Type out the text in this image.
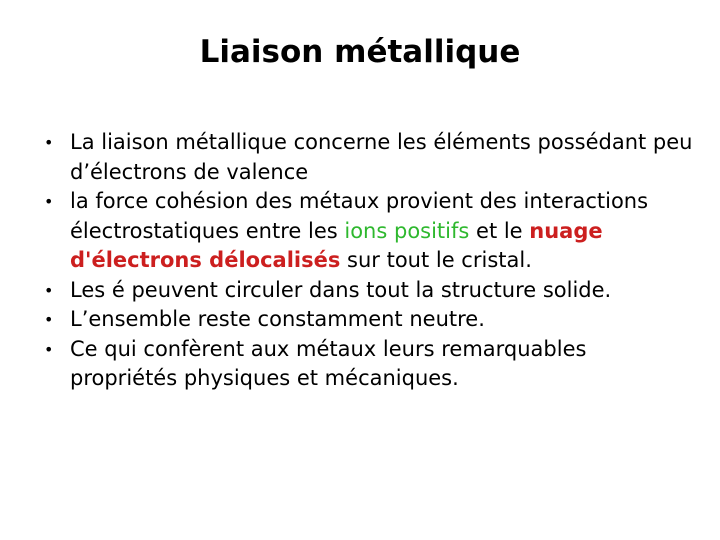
Liaison métallique
• La liaison métallique concerne les éléments possédant peu d’électrons de valence
• la force cohésion des métaux provient des interactions électrostatiques entre les ions positifs et le nuage d'électrons délocalisés sur tout le cristal.
• Les é peuvent circuler dans tout la structure solide.
• L’ensemble reste constamment neutre.
• Ce qui confèrent aux métaux leurs remarquables propriétés physiques et mécaniques.
